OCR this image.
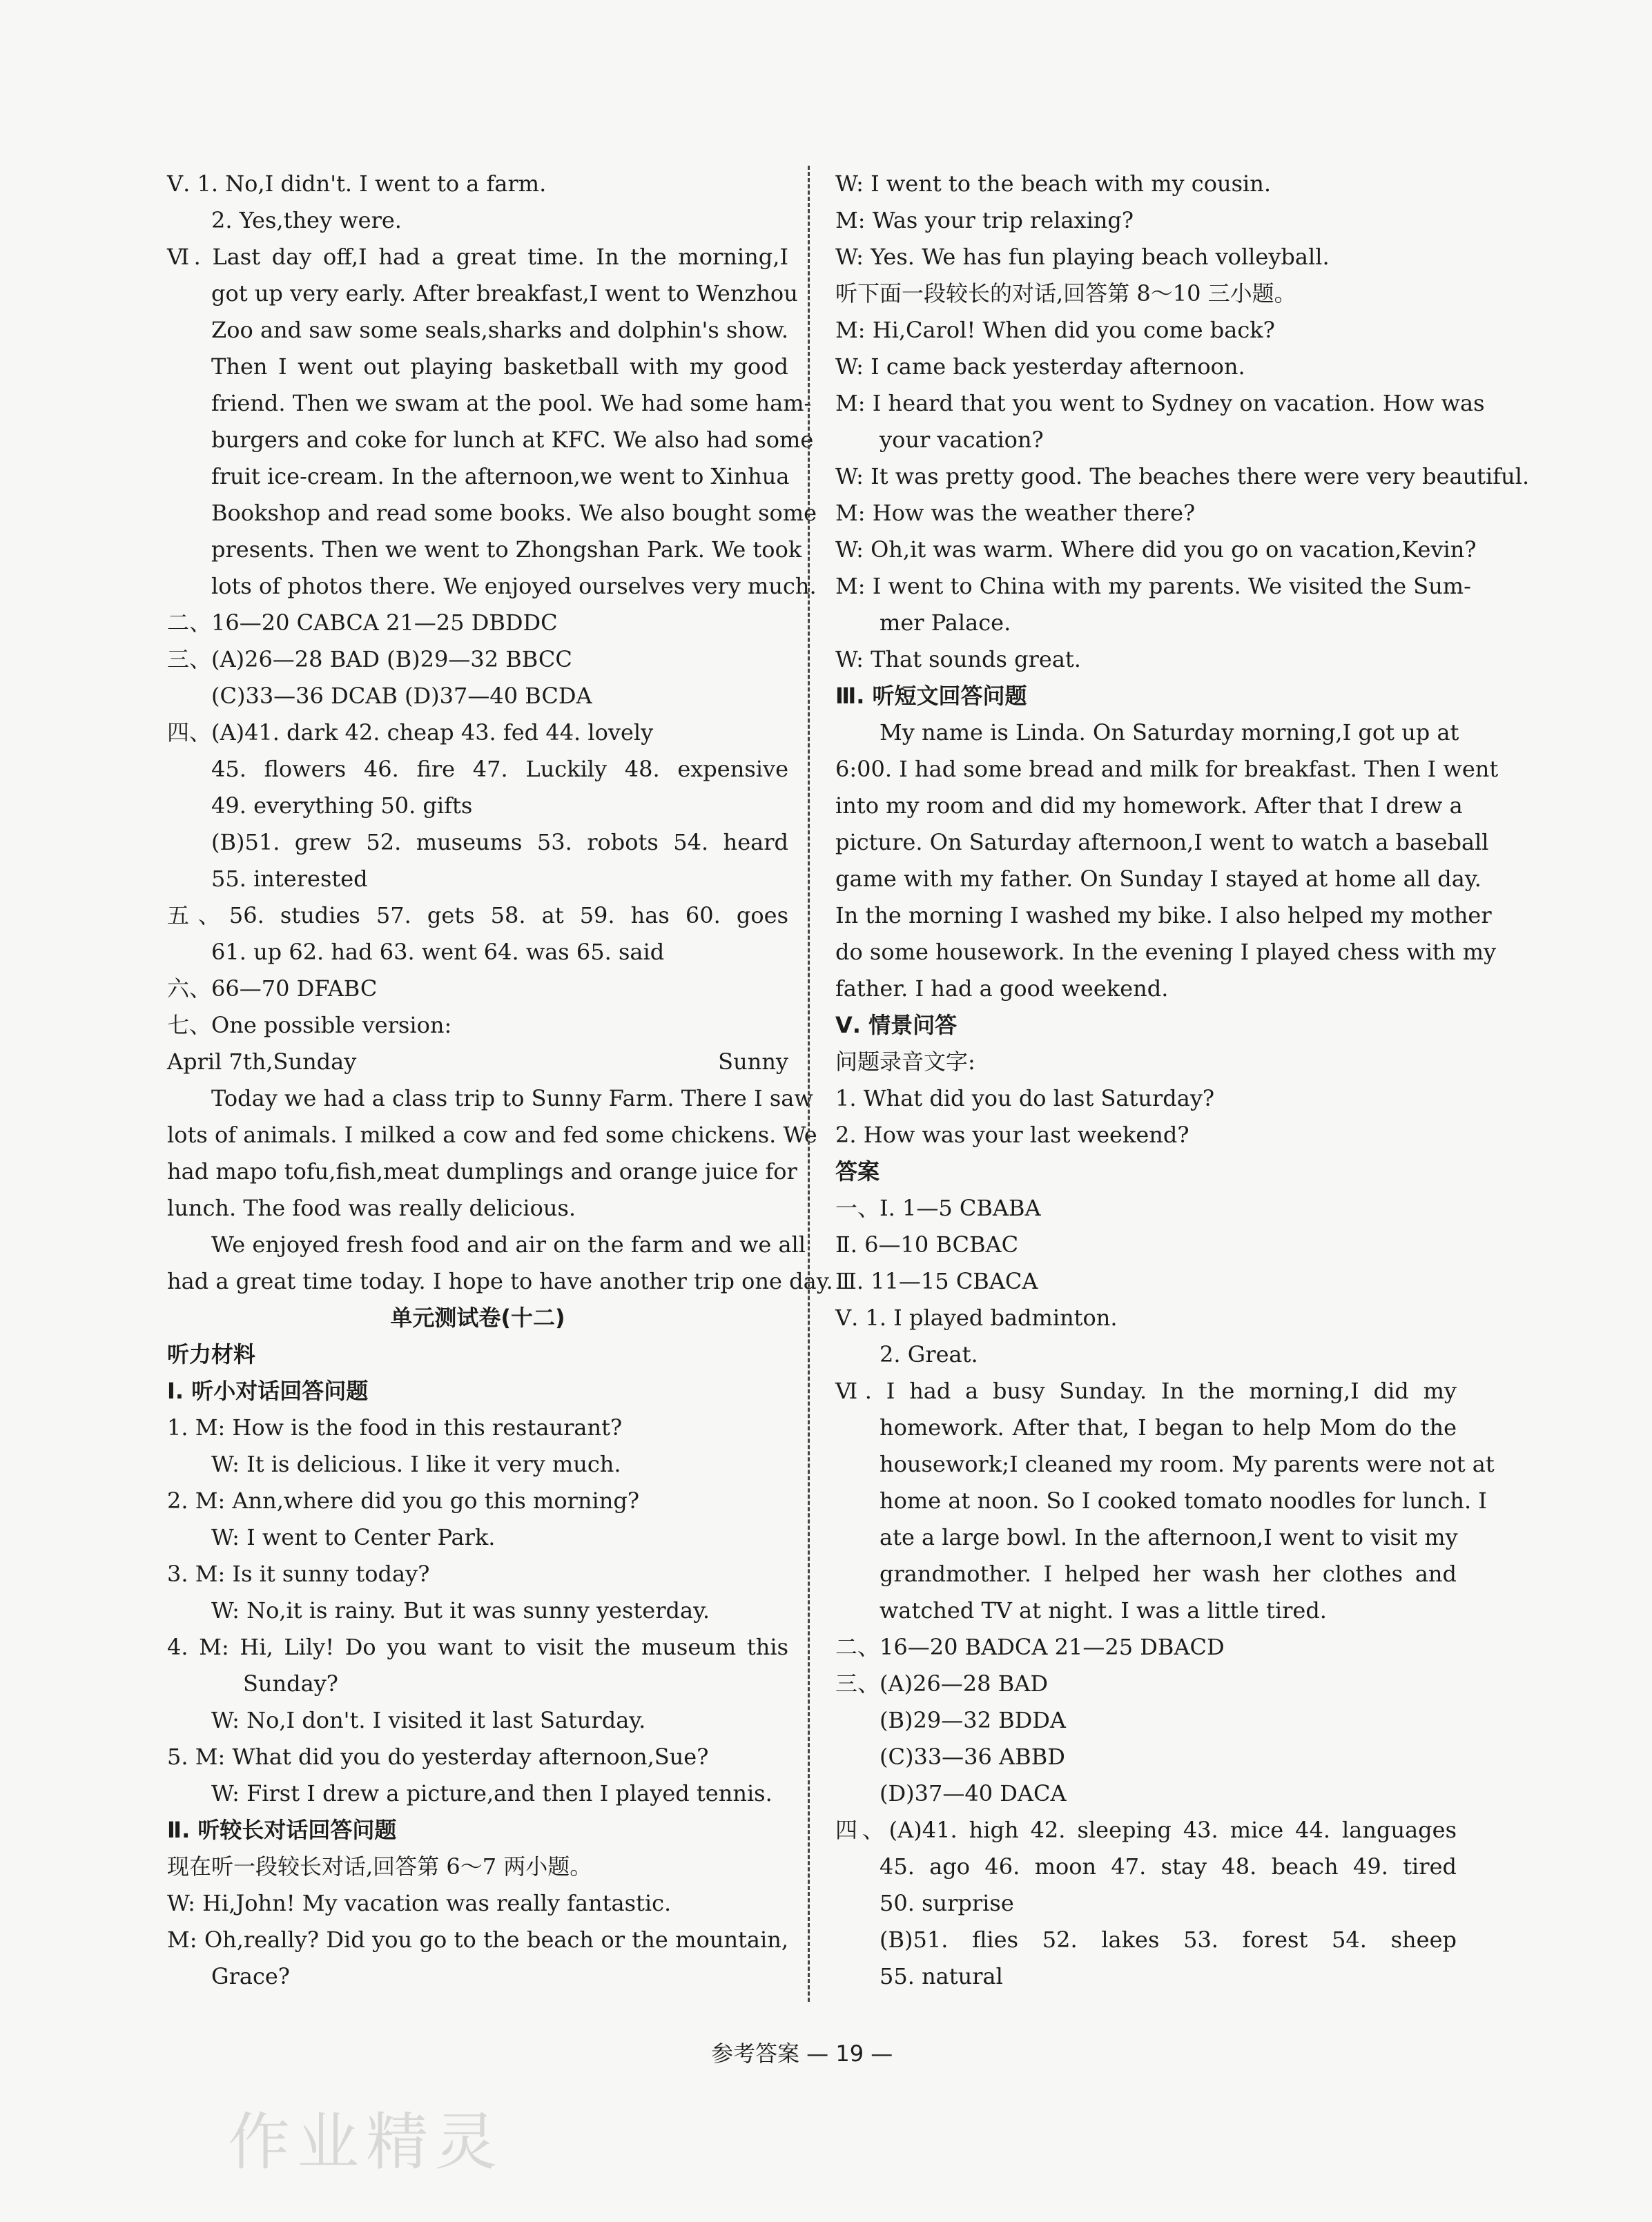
Ⅴ. 1. No,I didn't. I went to a farm.
2. Yes,they were.
Ⅵ. Last day off,I had a great time. In the morning,I
got up very early. After breakfast,I went to Wenzhou
Zoo and saw some seals,sharks and dolphin's show.
Then I went out playing basketball with my good
friend. Then we swam at the pool. We had some ham-
burgers and coke for lunch at KFC. We also had some
fruit ice-cream. In the afternoon,we went to Xinhua
Bookshop and read some books. We also bought some
presents. Then we went to Zhongshan Park. We took
lots of photos there. We enjoyed ourselves very much.
二、16—20 CABCA 21—25 DBDDC
三、(A)26—28 BAD (B)29—32 BBCC
(C)33—36 DCAB (D)37—40 BCDA
四、(A)41. dark 42. cheap 43. fed 44. lovely
45. flowers 46. fire 47. Luckily 48. expensive
49. everything 50. gifts
(B)51. grew 52. museums 53. robots 54. heard
55. interested
五、56. studies 57. gets 58. at 59. has 60. goes
61. up 62. had 63. went 64. was 65. said
六、66—70 DFABC
七、One possible version:
April 7th,Sunday	Sunny
Today we had a class trip to Sunny Farm. There I saw
lots of animals. I milked a cow and fed some chickens. We
had mapo tofu,fish,meat dumplings and orange juice for
lunch. The food was really delicious.
We enjoyed fresh food and air on the farm and we all
had a great time today. I hope to have another trip one day.
单元测试卷(十二)
听力材料
Ⅰ. 听小对话回答问题
1. M: How is the food in this restaurant?
W: It is delicious. I like it very much.
2. M: Ann,where did you go this morning?
W: I went to Center Park.
3. M: Is it sunny today?
W: No,it is rainy. But it was sunny yesterday.
4. M: Hi, Lily! Do you want to visit the museum this
Sunday?
W: No,I don't. I visited it last Saturday.
5. M: What did you do yesterday afternoon,Sue?
W: First I drew a picture,and then I played tennis.
Ⅱ. 听较长对话回答问题
现在听一段较长对话,回答第 6～7 两小题。
W: Hi,John! My vacation was really fantastic.
M: Oh,really? Did you go to the beach or the mountain,
Grace?
W: I went to the beach with my cousin.
M: Was your trip relaxing?
W: Yes. We has fun playing beach volleyball.
听下面一段较长的对话,回答第 8～10 三小题。
M: Hi,Carol! When did you come back?
W: I came back yesterday afternoon.
M: I heard that you went to Sydney on vacation. How was
your vacation?
W: It was pretty good. The beaches there were very beautiful.
M: How was the weather there?
W: Oh,it was warm. Where did you go on vacation,Kevin?
M: I went to China with my parents. We visited the Sum-
mer Palace.
W: That sounds great.
Ⅲ. 听短文回答问题
My name is Linda. On Saturday morning,I got up at
6:00. I had some bread and milk for breakfast. Then I went
into my room and did my homework. After that I drew a
picture. On Saturday afternoon,I went to watch a baseball
game with my father. On Sunday I stayed at home all day.
In the morning I washed my bike. I also helped my mother
do some housework. In the evening I played chess with my
father. I had a good weekend.
Ⅴ. 情景问答
问题录音文字:
1. What did you do last Saturday?
2. How was your last weekend?
答案
一、Ⅰ. 1—5 CBABA
Ⅱ. 6—10 BCBAC
Ⅲ. 11—15 CBACA
Ⅴ. 1. I played badminton.
2. Great.
Ⅵ. I had a busy Sunday. In the morning,I did my
homework. After that, I began to help Mom do the
housework;I cleaned my room. My parents were not at
home at noon. So I cooked tomato noodles for lunch. I
ate a large bowl. In the afternoon,I went to visit my
grandmother. I helped her wash her clothes and
watched TV at night. I was a little tired.
二、16—20 BADCA 21—25 DBACD
三、(A)26—28 BAD
(B)29—32 BDDA
(C)33—36 ABBD
(D)37—40 DACA
四、(A)41. high 42. sleeping 43. mice 44. languages
45. ago 46. moon 47. stay 48. beach 49. tired
50. surprise
(B)51. flies 52. lakes 53. forest 54. sheep
55. natural
参考答案 — 19 —
作业精灵
